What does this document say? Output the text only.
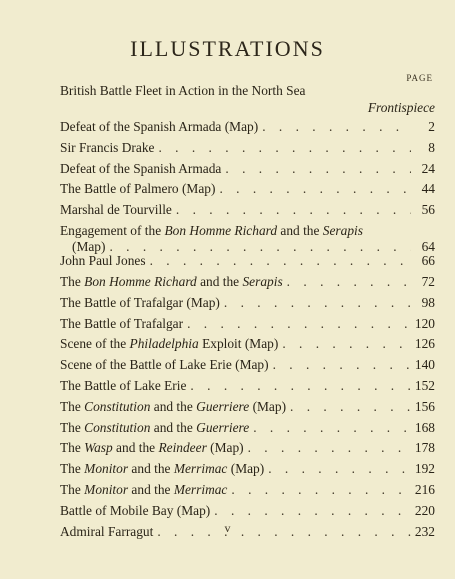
ILLUSTRATIONS
PAGE
British Battle Fleet in Action in the North Sea
Frontispiece
Defeat of the Spanish Armada (Map) . . .	2
Sir Francis Drake . . .	8
Defeat of the Spanish Armada . . .	24
The Battle of Palmero (Map) . . .	44
Marshal de Tourville . . .	56
Engagement of the Bon Homme Richard and the Serapis
(Map) . . .	64
John Paul Jones . . .	66
The Bon Homme Richard and the Serapis . . .	72
The Battle of Trafalgar (Map) . . .	98
The Battle of Trafalgar . . .	120
Scene of the Philadelphia Exploit (Map) . . .	126
Scene of the Battle of Lake Erie (Map) . . .	140
The Battle of Lake Erie . . .	152
The Constitution and the Guerriere (Map) . . .	156
The Constitution and the Guerriere . . .	168
The Wasp and the Reindeer (Map) . . .	178
The Monitor and the Merrimac (Map) . . .	192
The Monitor and the Merrimac . . .	216
Battle of Mobile Bay (Map) . . .	220
Admiral Farragut . . .	232
v
